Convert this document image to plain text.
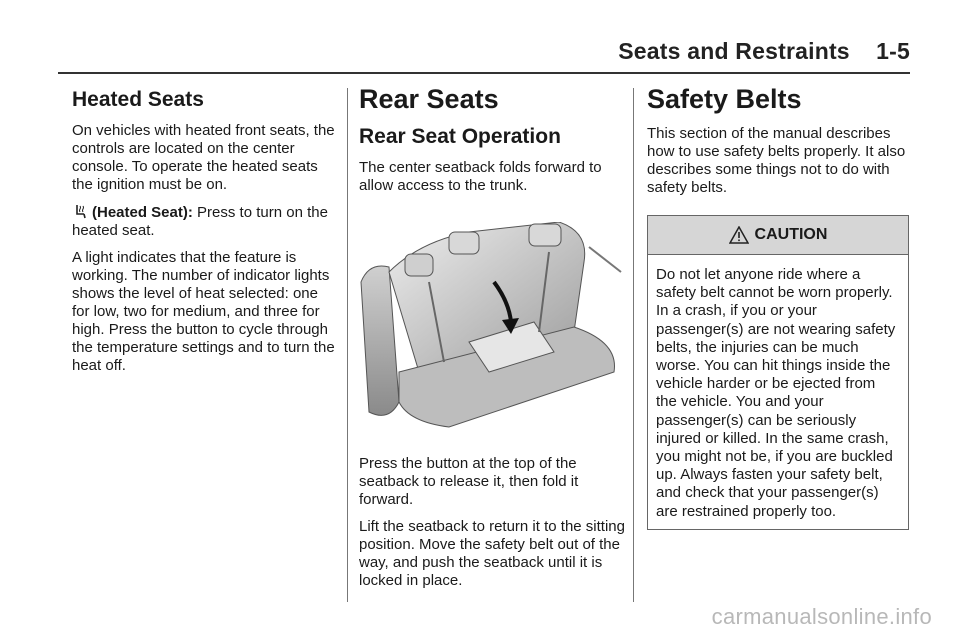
Seats and Restraints    1-5
Heated Seats

On vehicles with heated front seats, the controls are located on the center console. To operate the heated seats the ignition must be on.

(Heated Seat): Press to turn on the heated seat.

A light indicates that the feature is working. The number of indicator lights shows the level of heat selected: one for low, two for medium, and three for high. Press the button to cycle through the temperature settings and to turn the heat off.

Rear Seats
Rear Seat Operation

The center seatback folds forward to allow access to the trunk.

Press the button at the top of the seatback to release it, then fold it forward.

Lift the seatback to return it to the sitting position. Move the safety belt out of the way, and push the seatback until it is locked in place.

Safety Belts

This section of the manual describes how to use safety belts properly. It also describes some things not to do with safety belts.

CAUTION

Do not let anyone ride where a safety belt cannot be worn properly. In a crash, if you or your passenger(s) are not wearing safety belts, the injuries can be much worse. You can hit things inside the vehicle harder or be ejected from the vehicle. You and your passenger(s) can be seriously injured or killed. In the same crash, you might not be, if you are buckled up. Always fasten your safety belt, and check that your passenger(s) are restrained properly too.

carmanualsonline.info
